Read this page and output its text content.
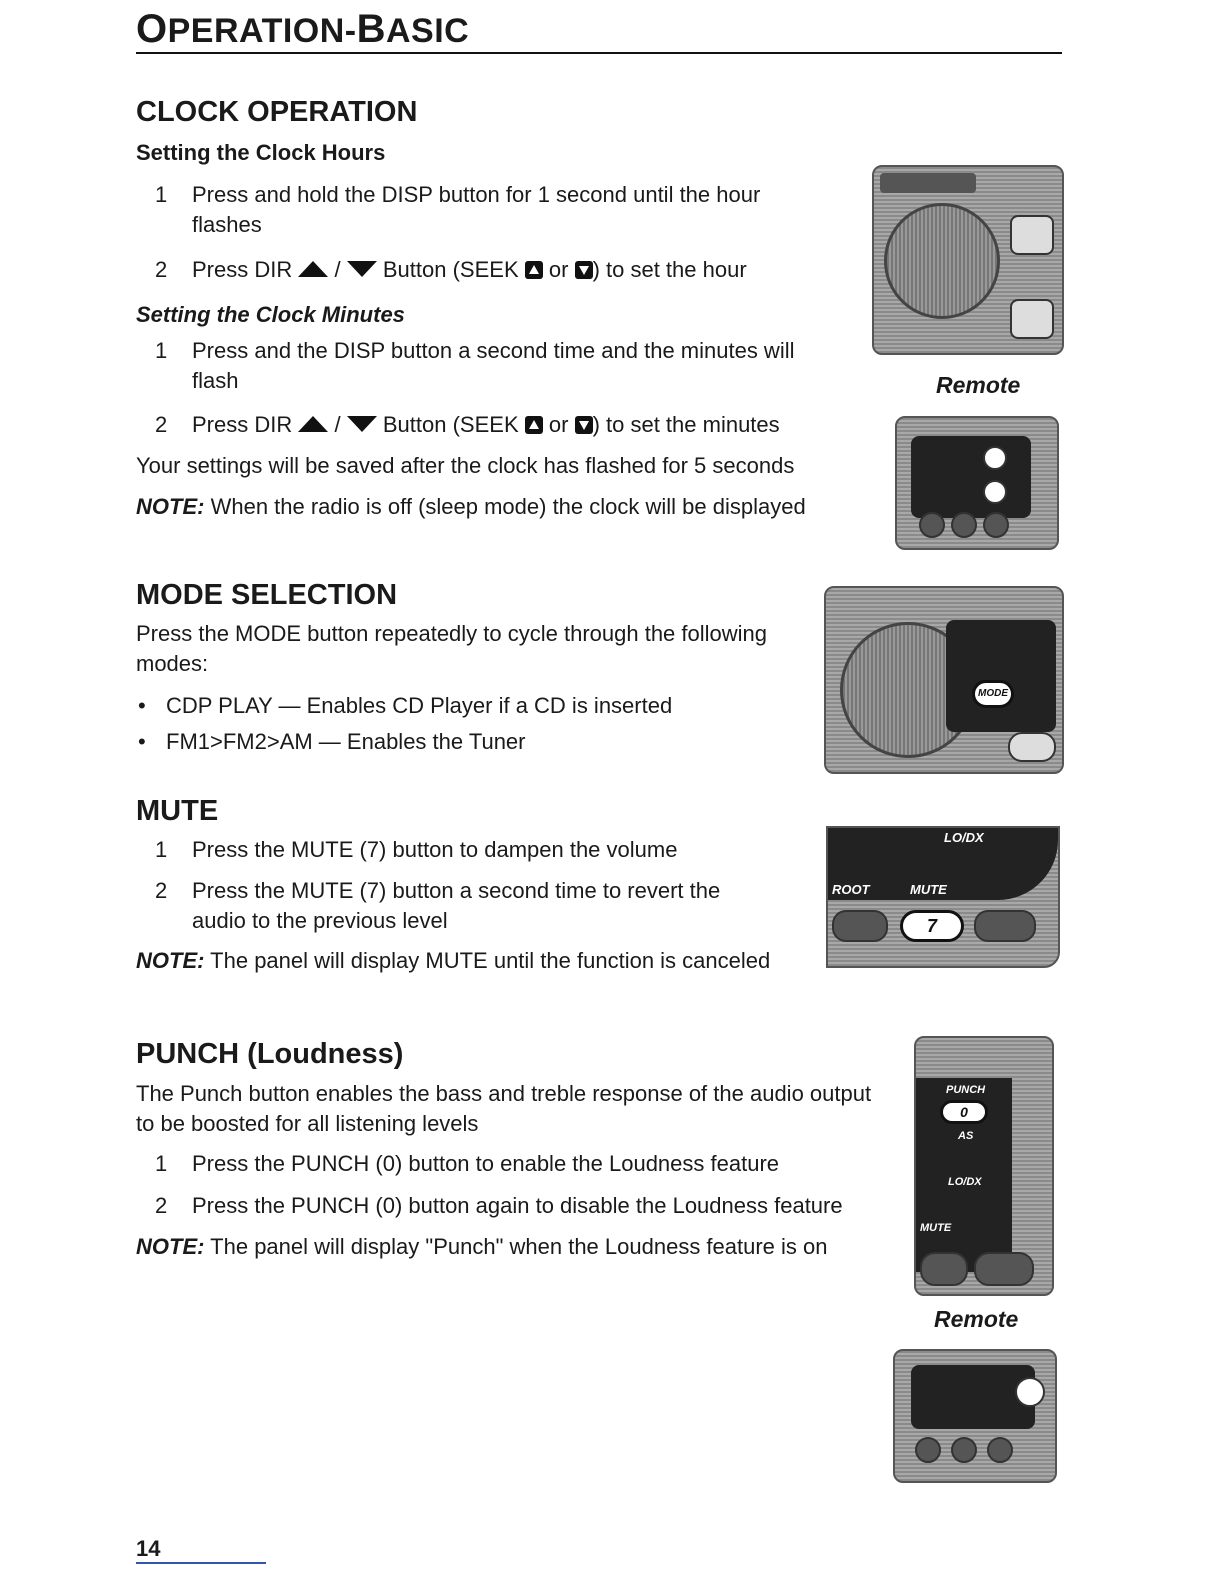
OPERATION-BASIC
CLOCK OPERATION
Setting the Clock Hours
1 Press and hold the DISP button for 1 second until the hour flashes
2 Press DIR / Button (SEEK or ) to set the hour
Setting the Clock Minutes
1 Press and the DISP button a second time and the minutes will flash
2 Press DIR / Button (SEEK or ) to set the minutes
Your settings will be saved after the clock has flashed for 5 seconds
NOTE: When the radio is off (sleep mode) the clock will be displayed
Remote
MODE SELECTION
Press the MODE button repeatedly to cycle through the following modes:
• CDP PLAY — Enables CD Player if a CD is inserted
• FM1>FM2>AM — Enables the Tuner
MODE
MUTE
1 Press the MUTE (7) button to dampen the volume
2 Press the MUTE (7) button a second time to revert the audio to the previous level
NOTE: The panel will display MUTE until the function is canceled
LO/DX
ROOT	MUTE
7
PUNCH (Loudness)
The Punch button enables the bass and treble response of the audio output to be boosted for all listening levels
1 Press the PUNCH (0) button to enable the Loudness feature
2 Press the PUNCH (0) button again to disable the Loudness feature
NOTE: The panel will display "Punch" when the Loudness feature is on
PUNCH
0
AS
LO/DX
MUTE
Remote
14
